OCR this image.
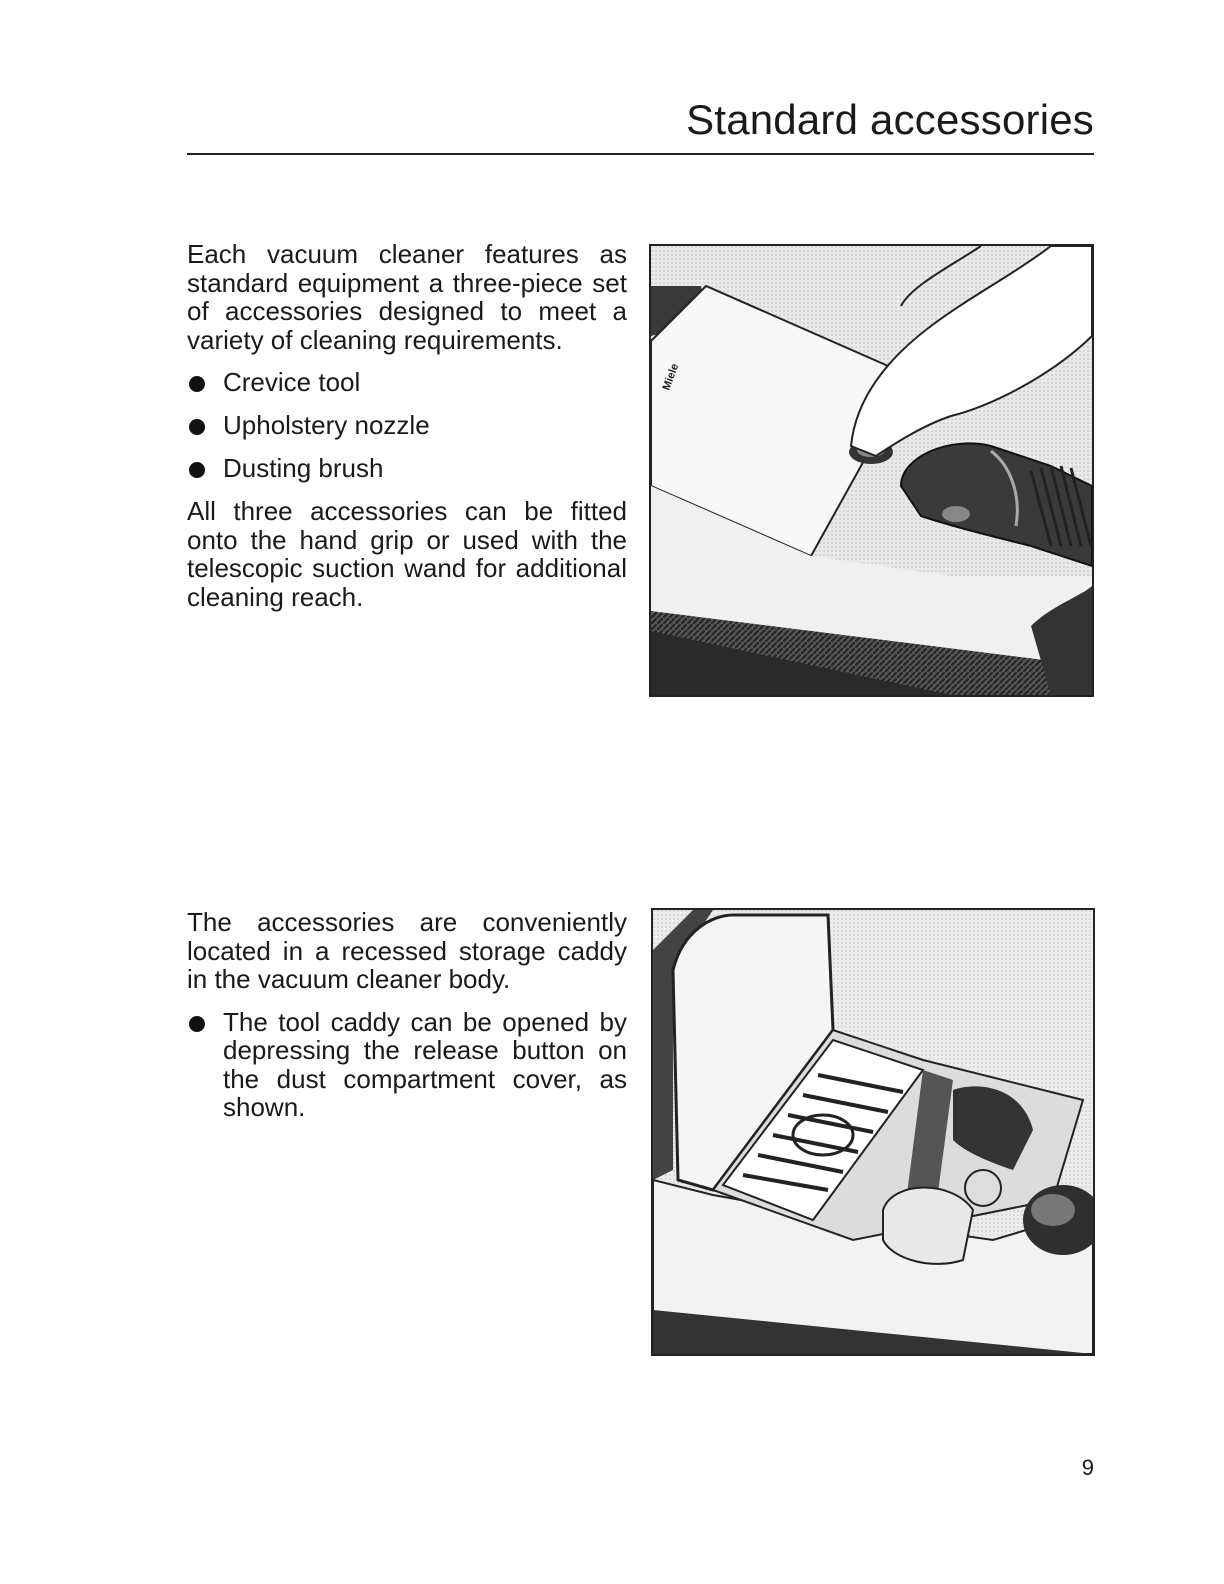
Standard accessories

Each vacuum cleaner features as standard equipment a three-piece set of accessories designed to meet a variety of cleaning requirements.

Crevice tool
Upholstery nozzle
Dusting brush

All three accessories can be fitted onto the hand grip or used with the telescopic suction wand for additional cleaning reach.

Miele

The accessories are conveniently located in a recessed storage caddy in the vacuum cleaner body.

The tool caddy can be opened by depressing the release button on the dust compartment cover, as shown.
9
